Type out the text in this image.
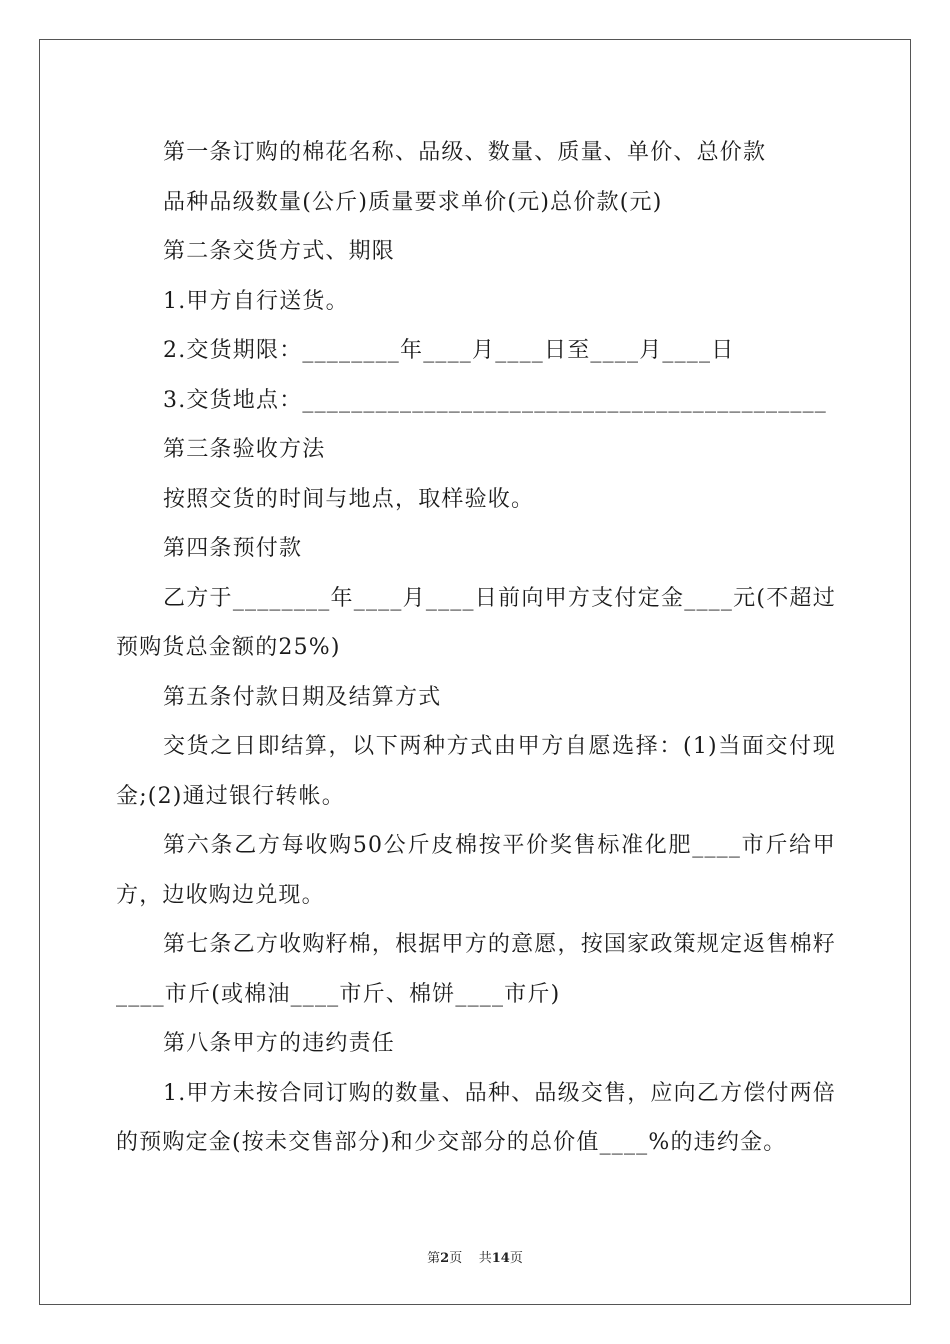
第一条订购的棉花名称、品级、数量、质量、单价、总价款

品种品级数量(公斤)质量要求单价(元)总价款(元)

第二条交货方式、期限

1.甲方自行送货。

2.交货期限：________年____月____日至____月____日

3.交货地点：___________________________________________

第三条验收方法

按照交货的时间与地点，取样验收。

第四条预付款

乙方于________年____月____日前向甲方支付定金____元(不超过预购货总金额的25%)

第五条付款日期及结算方式

交货之日即结算，以下两种方式由甲方自愿选择：(1)当面交付现金;(2)通过银行转帐。

第六条乙方每收购50公斤皮棉按平价奖售标准化肥____市斤给甲方，边收购边兑现。

第七条乙方收购籽棉，根据甲方的意愿，按国家政策规定返售棉籽____市斤(或棉油____市斤、棉饼____市斤)

第八条甲方的违约责任

1.甲方未按合同订购的数量、品种、品级交售，应向乙方偿付两倍的预购定金(按未交售部分)和少交部分的总价值____%的违约金。

第2页 共14页
